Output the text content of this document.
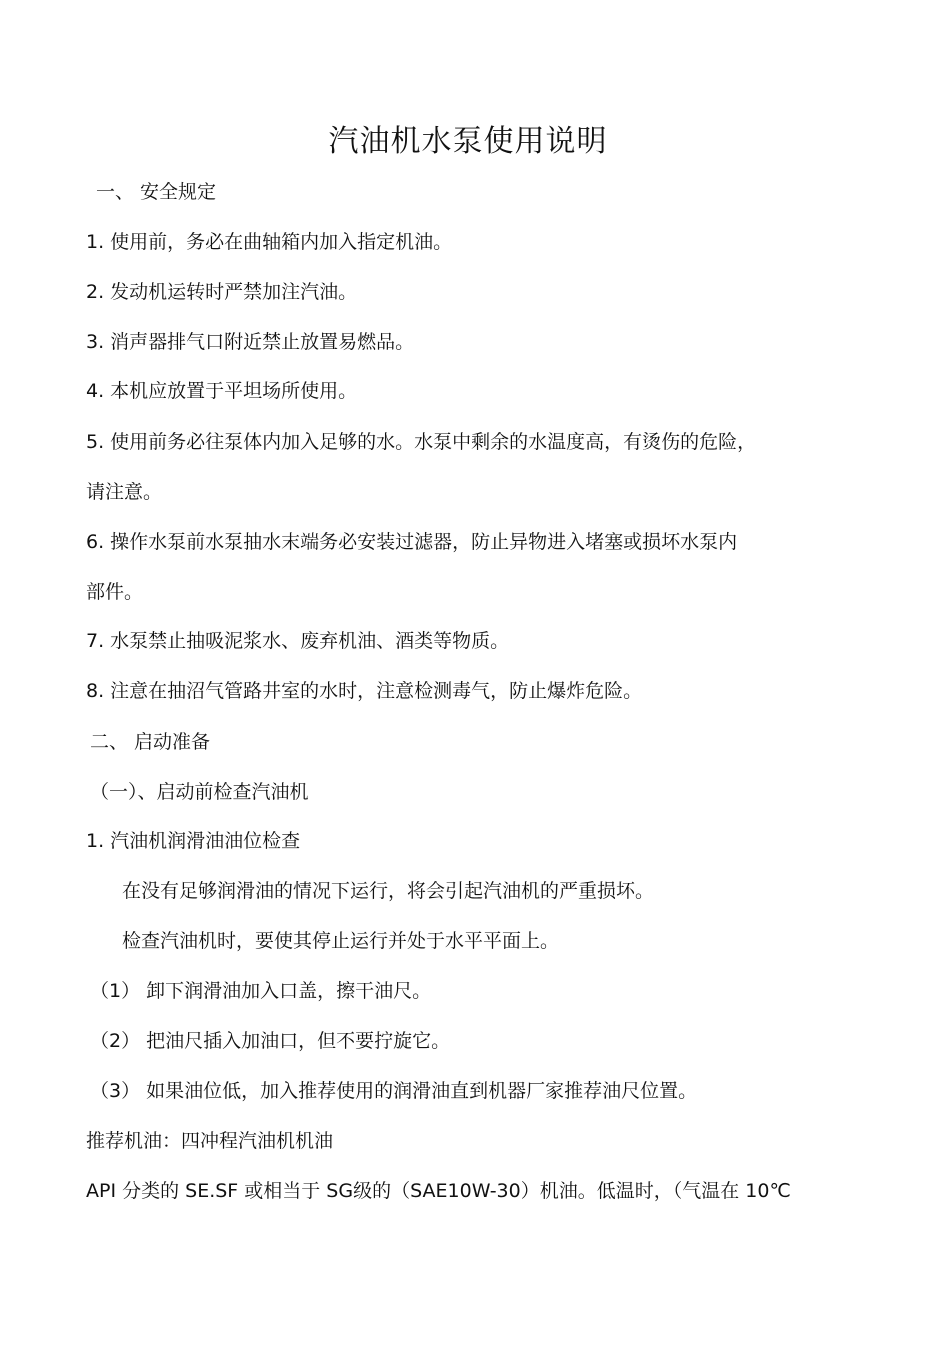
汽油机水泵使用说明
一、 安全规定
1. 使用前，务必在曲轴箱内加入指定机油。
2. 发动机运转时严禁加注汽油。
3. 消声器排气口附近禁止放置易燃品。
4. 本机应放置于平坦场所使用。
5. 使用前务必往泵体内加入足够的水。水泵中剩余的水温度高，有烫伤的危险，
请注意。
6. 操作水泵前水泵抽水末端务必安装过滤器，防止异物进入堵塞或损坏水泵内
部件。
7. 水泵禁止抽吸泥浆水、废弃机油、酒类等物质。
8. 注意在抽沼气管路井室的水时，注意检测毒气，防止爆炸危险。
二、 启动准备
（一）、启动前检查汽油机
1. 汽油机润滑油油位检查
在没有足够润滑油的情况下运行，将会引起汽油机的严重损坏。
检查汽油机时，要使其停止运行并处于水平平面上。
（1） 卸下润滑油加入口盖，擦干油尺。
（2） 把油尺插入加油口，但不要拧旋它。
（3） 如果油位低，加入推荐使用的润滑油直到机器厂家推荐油尺位置。
推荐机油：四冲程汽油机机油
API 分类的 SE.SF 或相当于 SG级的（SAE10W-30）机油。低温时，（气温在 10℃
